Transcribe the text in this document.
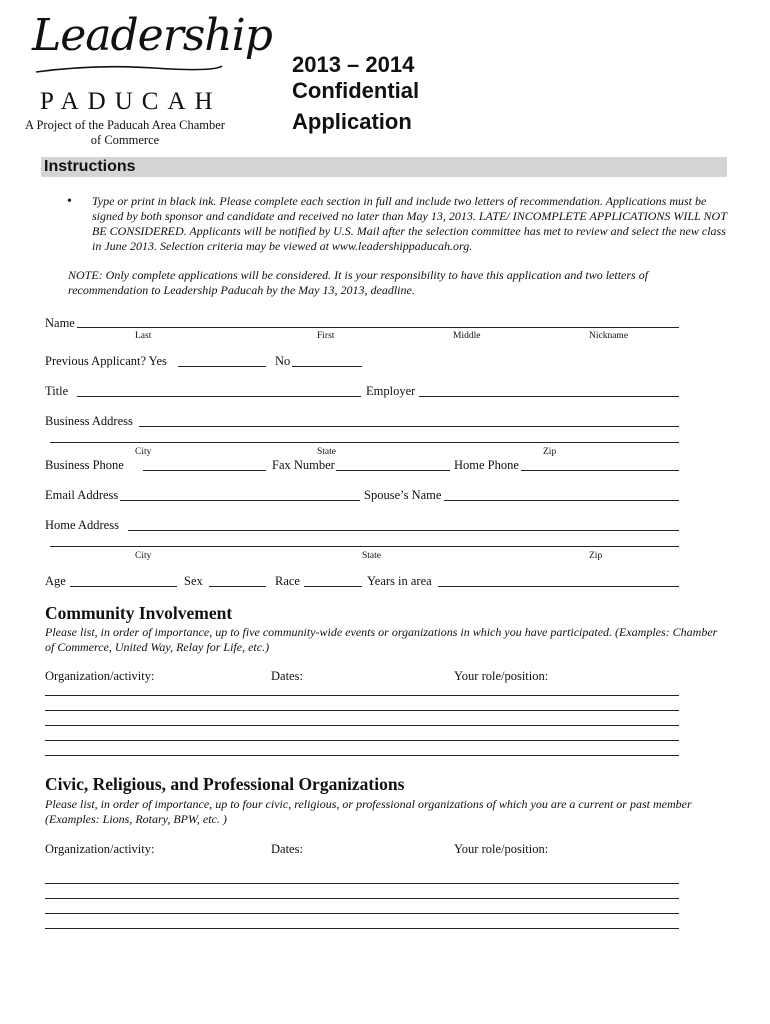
Leadership
PADUCAH
A Project of the Paducah Area Chamber of Commerce
2013 – 2014
Confidential
Application
Instructions
• Type or print in black ink. Please complete each section in full and include two letters of recommendation. Applications must be signed by both sponsor and candidate and received no later than May 13, 2013. LATE/ INCOMPLETE APPLICATIONS WILL NOT BE CONSIDERED. Applicants will be notified by U.S. Mail after the selection committee has met to review and select the new class in June 2013. Selection criteria may be viewed at www.leadershippaducah.org.
NOTE: Only complete applications will be considered. It is your responsibility to have this application and two letters of recommendation to Leadership Paducah by the May 13, 2013, deadline.
Name
Last	First	Middle	Nickname
Previous Applicant? Yes	No
Title	Employer
Business Address
City	State	Zip
Business Phone	Fax Number	Home Phone
Email Address	Spouse’s Name
Home Address
City	State	Zip
Age	Sex	Race	Years in area
Community Involvement
Please list, in order of importance, up to five community-wide events or organizations in which you have participated. (Examples: Chamber of Commerce, United Way, Relay for Life, etc.)
Organization/activity:	Dates:	Your role/position:
Civic, Religious, and Professional Organizations
Please list, in order of importance, up to four civic, religious, or professional organizations of which you are a current or past member (Examples: Lions, Rotary, BPW, etc. )
Organization/activity:	Dates:	Your role/position:
